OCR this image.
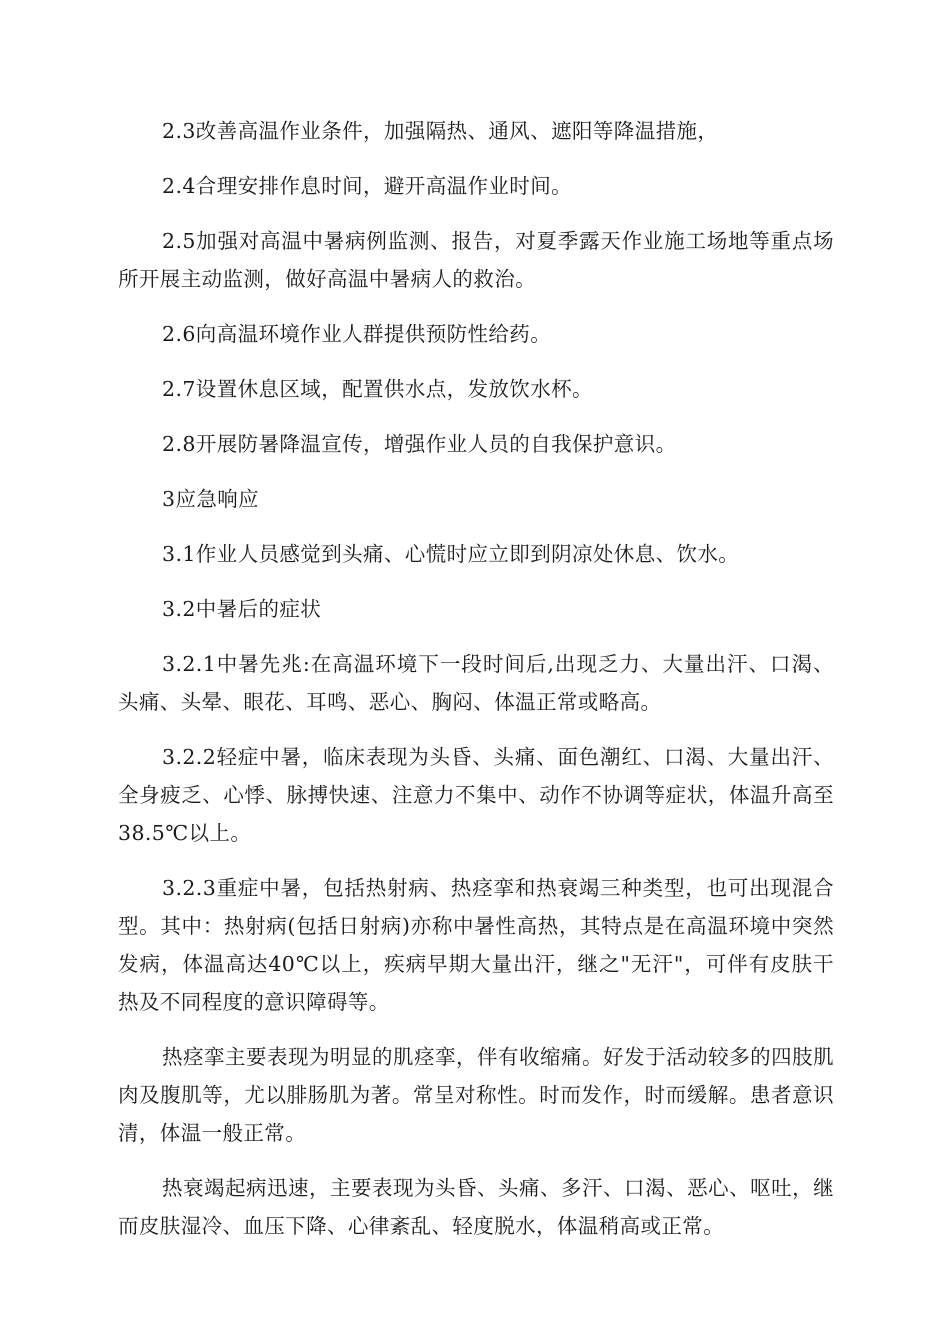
2.3改善高温作业条件，加强隔热、通风、遮阳等降温措施，

2.4合理安排作息时间，避开高温作业时间。

2.5加强对高温中暑病例监测、报告，对夏季露天作业施工场地等重点场所开展主动监测，做好高温中暑病人的救治。

2.6向高温环境作业人群提供预防性给药。

2.7设置休息区域，配置供水点，发放饮水杯。

2.8开展防暑降温宣传，增强作业人员的自我保护意识。

3应急响应

3.1作业人员感觉到头痛、心慌时应立即到阴凉处休息、饮水。

3.2中暑后的症状

3.2.1中暑先兆:在高温环境下一段时间后,出现乏力、大量出汗、口渴、头痛、头晕、眼花、耳鸣、恶心、胸闷、体温正常或略高。

3.2.2轻症中暑，临床表现为头昏、头痛、面色潮红、口渴、大量出汗、全身疲乏、心悸、脉搏快速、注意力不集中、动作不协调等症状，体温升高至38.5℃以上。

3.2.3重症中暑，包括热射病、热痉挛和热衰竭三种类型，也可出现混合型。其中：热射病(包括日射病)亦称中暑性高热，其特点是在高温环境中突然发病，体温高达40℃以上，疾病早期大量出汗，继之"无汗"，可伴有皮肤干热及不同程度的意识障碍等。

热痉挛主要表现为明显的肌痉挛，伴有收缩痛。好发于活动较多的四肢肌肉及腹肌等，尤以腓肠肌为著。常呈对称性。时而发作，时而缓解。患者意识清，体温一般正常。

热衰竭起病迅速，主要表现为头昏、头痛、多汗、口渴、恶心、呕吐，继而皮肤湿冷、血压下降、心律紊乱、轻度脱水，体温稍高或正常。
